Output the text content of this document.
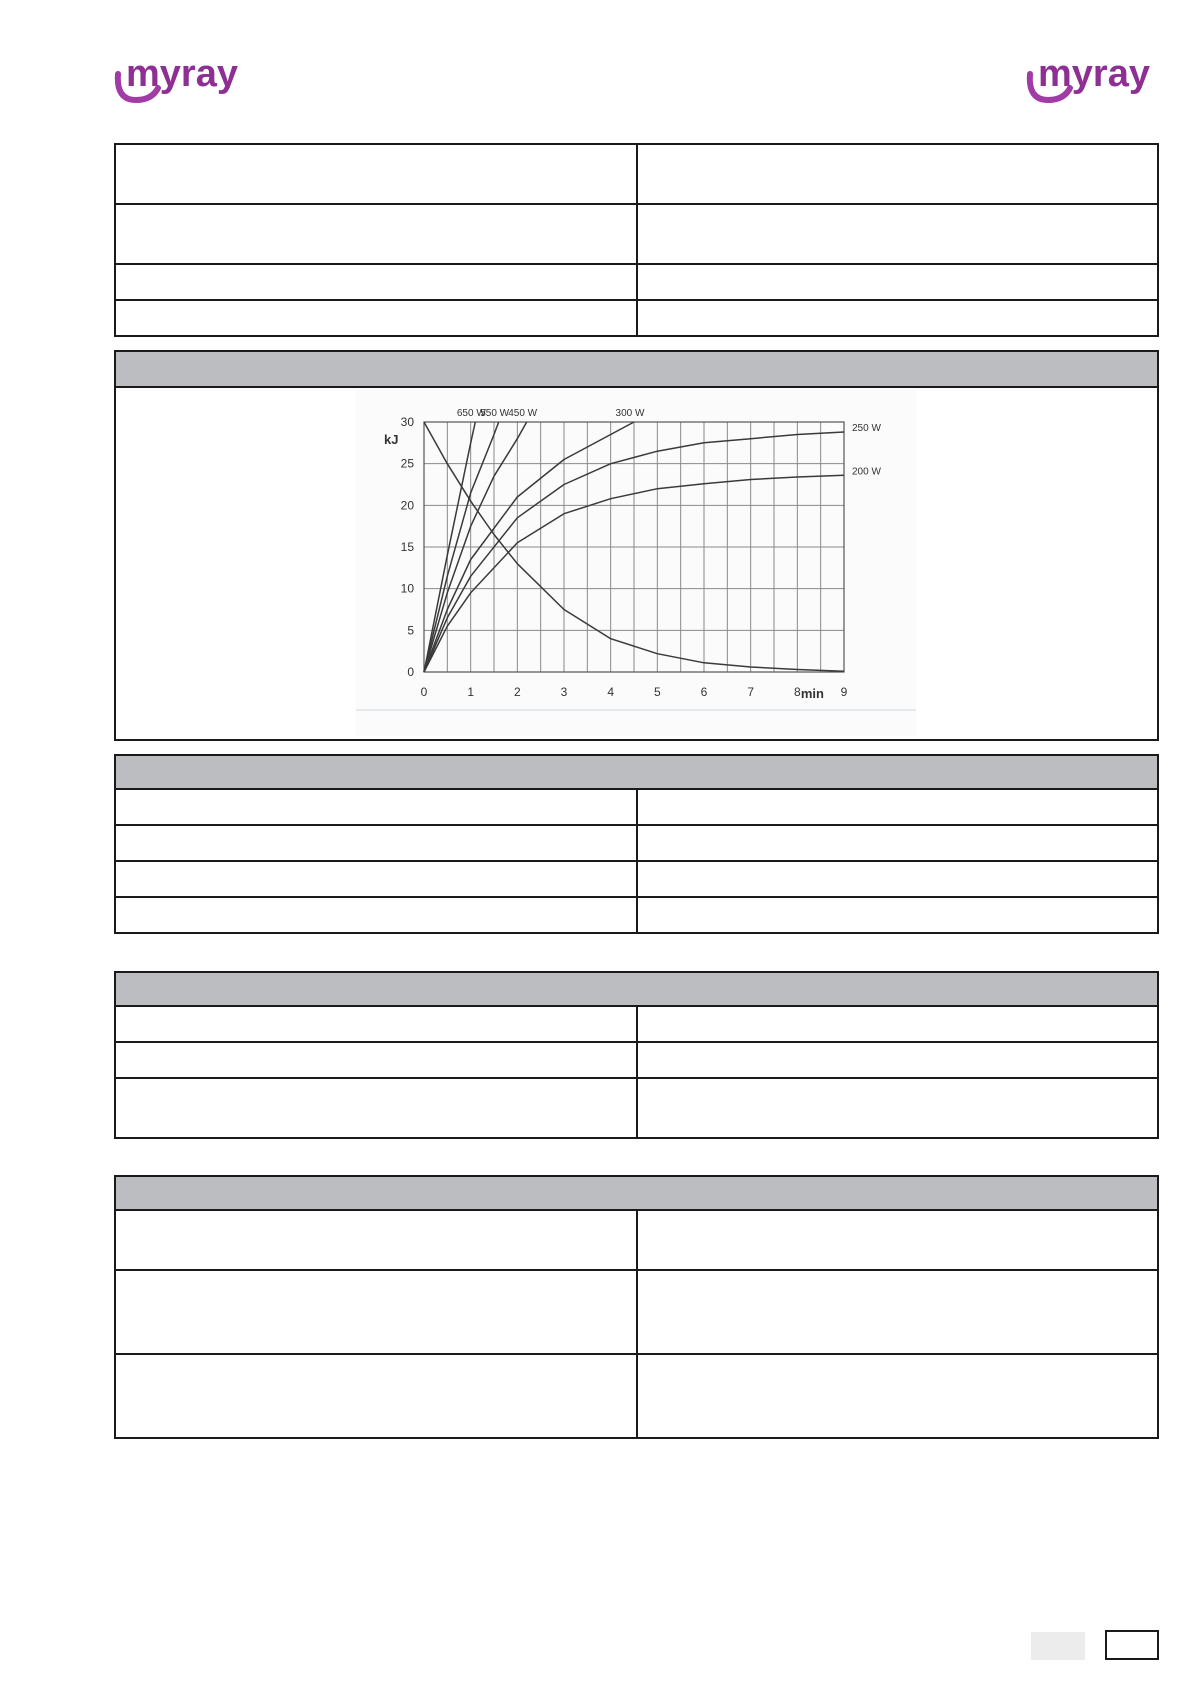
myray	myray

0
5
10
15
20
25
30
0	1	2	3	4	5	6	7	8	9
kJ
min
650 W
550 W 450 W	300 W
250 W
200 W
